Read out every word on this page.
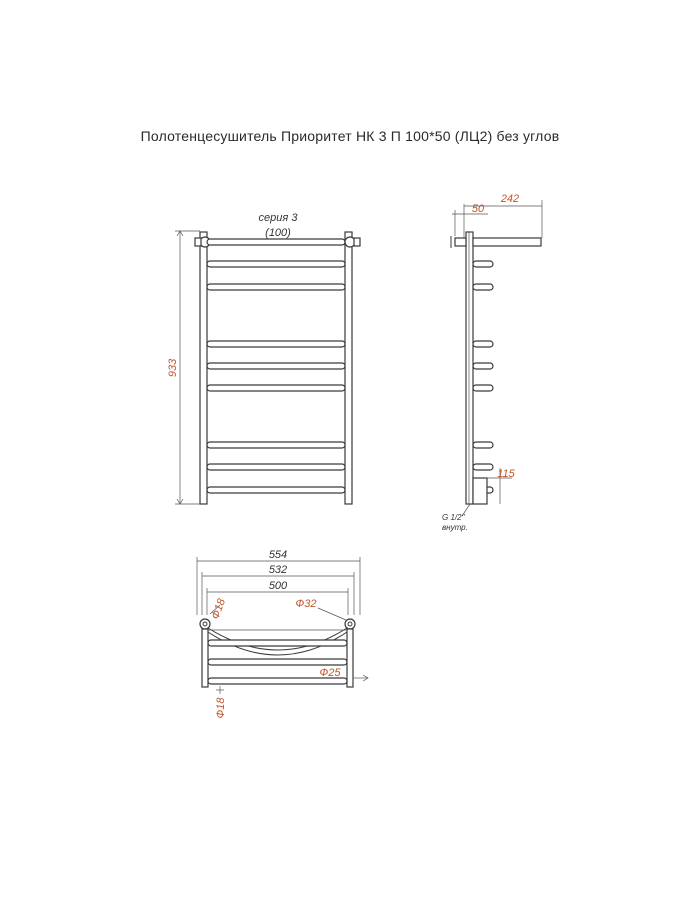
Полотенцесушитель Приоритет НК 3 П 100*50 (ЛЦ2) без углов
серия 3
(100)
933
50
242
115
G 1/2"
внутр.
554
532
500
Ф18	Ф32
Ф25
Ф18
